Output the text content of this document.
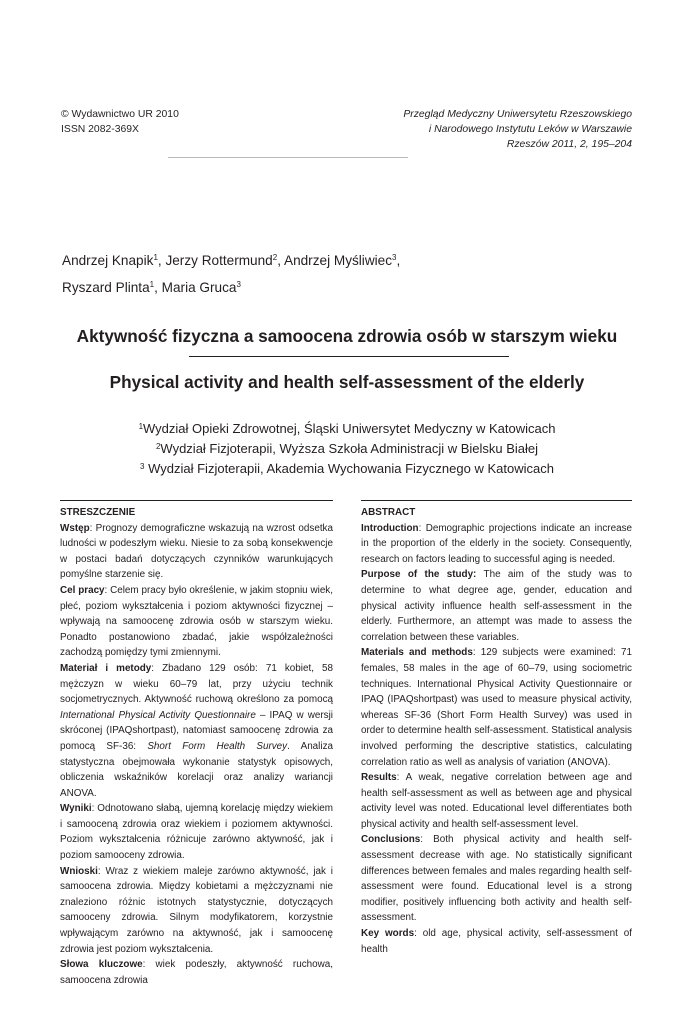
© Wydawnictwo UR 2010
ISSN 2082-369X
Przegląd Medyczny Uniwersytetu Rzeszowskiego
i Narodowego Instytutu Leków w Warszawie
Rzeszów 2011, 2, 195–204
Andrzej Knapik$^1$, Jerzy Rottermund$^2$, Andrzej Myśliwiec$^3$,
Ryszard Plinta$^1$, Maria Gruca$^3$
Aktywność fizyczna a samoocena zdrowia osób w starszym wieku
Physical activity and health self-assessment of the elderly
$^1$Wydział Opieki Zdrowotnej, Śląski Uniwersytet Medyczny w Katowicach
$^2$Wydział Fizjoterapii, Wyższa Szkoła Administracji w Bielsku Białej
$^3$ Wydział Fizjoterapii, Akademia Wychowania Fizycznego w Katowicach
STRESZCZENIE

Wstęp: Prognozy demograficzne wskazują na wzrost odsetka ludności w podeszłym wieku. Niesie to za sobą konsekwencje w postaci badań dotyczących czynników warunkujących pomyślne starzenie się.

Cel pracy: Celem pracy było określenie, w jakim stopniu wiek, płeć, poziom wykształcenia i poziom aktywności fizycznej – wpływają na samoocenę zdrowia osób w starszym wieku. Ponadto postanowiono zbadać, jakie współzależności zachodzą pomiędzy tymi zmiennymi.

Materiał i metody: Zbadano 129 osób: 71 kobiet, 58 mężczyzn w wieku 60–79 lat, przy użyciu technik socjometrycznych. Aktywność ruchową określono za pomocą International Physical Activity Questionnaire – IPAQ w wersji skróconej (IPAQshortpast), natomiast samoocenę zdrowia za pomocą SF-36: Short Form Health Survey. Analiza statystyczna obejmowała wykonanie statystyk opisowych, obliczenia wskaźników korelacji oraz analizy wariancji ANOVA.

Wyniki: Odnotowano słabą, ujemną korelację między wiekiem i samooceną zdrowia oraz wiekiem i poziomem aktywności. Poziom wykształcenia różnicuje zarówno aktywność, jak i poziom samooceny zdrowia.

Wnioski: Wraz z wiekiem maleje zarówno aktywność, jak i samoocena zdrowia. Między kobietami a mężczyznami nie znaleziono różnic istotnych statystycznie, dotyczących samooceny zdrowia. Silnym modyfikatorem, korzystnie wpływającym zarówno na aktywność, jak i samoocenę zdrowia jest poziom wykształcenia.

Słowa kluczowe: wiek podeszły, aktywność ruchowa, samoocena zdrowia

ABSTRACT

Introduction: Demographic projections indicate an increase in the proportion of the elderly in the society. Consequently, research on factors leading to successful aging is needed.

Purpose of the study: The aim of the study was to determine to what degree age, gender, education and physical activity influence health self-assessment in the elderly. Furthermore, an attempt was made to assess the correlation between these variables.

Materials and methods: 129 subjects were examined: 71 females, 58 males in the age of 60–79, using sociometric techniques. International Physical Activity Questionnaire or IPAQ (IPAQshortpast) was used to measure physical activity, whereas SF-36 (Short Form Health Survey) was used in order to determine health self-assessment. Statistical analysis involved performing the descriptive statistics, calculating correlation ratio as well as analysis of variation (ANOVA).

Results: A weak, negative correlation between age and health self-assessment as well as between age and physical activity level was noted. Educational level differentiates both physical activity and health self-assessment level.

Conclusions: Both physical activity and health self-assessment decrease with age. No statistically significant differences between females and males regarding health self-assessment were found. Educational level is a strong modifier, positively influencing both activity and health self-assessment.

Key words: old age, physical activity, self-assessment of health
